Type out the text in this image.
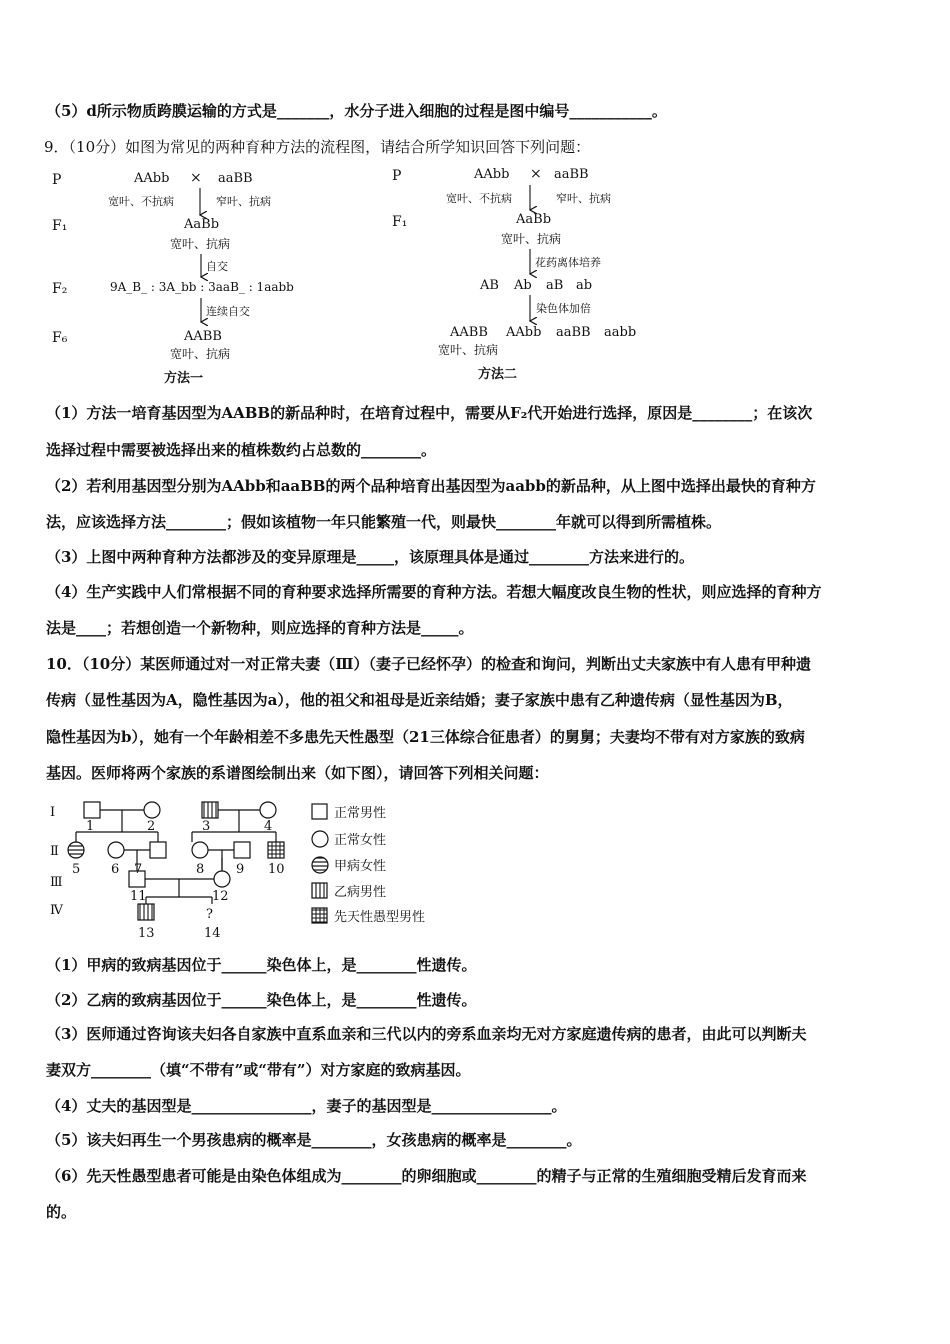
（5）d所示物质跨膜运输的方式是_______，水分子进入细胞的过程是图中编号___________。
9．（10分）如图为常见的两种育种方法的流程图，请结合所学知识回答下列问题：
P	AAbb × aaBB
宽叶、不抗病	窄叶、抗病
F₁	AaBb
宽叶、抗病
自交
F₂	9A_B_ : 3A_bb : 3aaB_ : 1aabb
连续自交
F₆	AABB
宽叶、抗病
方法一
P	AAbb × aaBB
宽叶、不抗病	窄叶、抗病
F₁	AaBb
宽叶、抗病
花药离体培养
AB Ab aB ab
染色体加倍
AABB AAbb aaBB aabb
宽叶、抗病
方法二
（1）方法一培育基因型为AABB的新品种时，在培育过程中，需要从F₂代开始进行选择，原因是________；在该次
选择过程中需要被选择出来的植株数约占总数的________。
（2）若利用基因型分别为AAbb和aaBB的两个品种培育出基因型为aabb的新品种，从上图中选择出最快的育种方
法，应该选择方法________；假如该植物一年只能繁殖一代，则最快________年就可以得到所需植株。
（3）上图中两种育种方法都涉及的变异原理是_____，该原理具体是通过________方法来进行的。
（4）生产实践中人们常根据不同的育种要求选择所需要的育种方法。若想大幅度改良生物的性状，则应选择的育种方
法是____；若想创造一个新物种，则应选择的育种方法是_____。
10．（10分）某医师通过对一对正常夫妻（Ⅲ）（妻子已经怀孕）的检查和询问，判断出丈夫家族中有人患有甲种遗
传病（显性基因为A，隐性基因为a），他的祖父和祖母是近亲结婚；妻子家族中患有乙种遗传病（显性基因为B，
隐性基因为b），她有一个年龄相差不多患先天性愚型（21三体综合征患者）的舅舅；夫妻均不带有对方家族的致病
基因。医师将两个家族的系谱图绘制出来（如下图），请回答下列相关问题：
Ⅰ
Ⅱ
Ⅲ
Ⅳ
1	2	3	4
5 6 7	8 9 10
11	12
13
?
14
正常男性
正常女性
甲病女性
乙病男性
先天性愚型男性
（1）甲病的致病基因位于______染色体上，是________性遗传。
（2）乙病的致病基因位于______染色体上，是________性遗传。
（3）医师通过咨询该夫妇各自家族中直系血亲和三代以内的旁系血亲均无对方家庭遗传病的患者，由此可以判断夫
妻双方________（填“不带有”或“带有”）对方家庭的致病基因。
（4）丈夫的基因型是________________，妻子的基因型是________________。
（5）该夫妇再生一个男孩患病的概率是________，女孩患病的概率是________。
（6）先天性愚型患者可能是由染色体组成为________的卵细胞或________的精子与正常的生殖细胞受精后发育而来
的。
